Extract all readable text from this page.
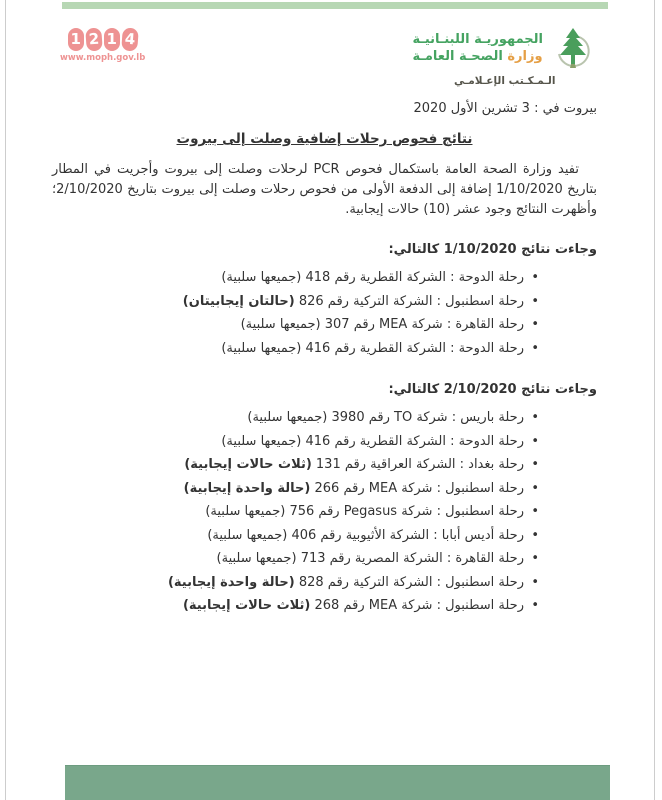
الجمهوريـة اللبنـانيـة
وزارة الصحـة العامـة
الـمـكـتب الإعـلامـي
1 2 1 4
www.moph.gov.lb
بيروت في : 3 تشرين الأول 2020
نتائج فحوص رحلات إضافية وصلت إلى بيروت

تفيد وزارة الصحة العامة باستكمال فحوص PCR لرحلات وصلت إلى بيروت وأجريت في المطار بتاريخ 1/10/2020 إضافة إلى الدفعة الأولى من فحوص رحلات وصلت إلى بيروت بتاريخ 2/10/2020؛ وأظهرت النتائج وجود عشر (10) حالات إيجابية.

وجاءت نتائج 1/10/2020 كالتالي:
• رحلة الدوحة : الشركة القطرية رقم 418 (جميعها سلبية)
• رحلة اسطنبول : الشركة التركية رقم 826 (حالتان إيجابيتان)
• رحلة القاهرة : شركة MEA رقم 307 (جميعها سلبية)
• رحلة الدوحة : الشركة القطرية رقم 416 (جميعها سلبية)
وجاءت نتائج 2/10/2020 كالتالي:
• رحلة باريس : شركة TO رقم 3980 (جميعها سلبية)
• رحلة الدوحة : الشركة القطرية رقم 416 (جميعها سلبية)
• رحلة بغداد : الشركة العراقية رقم 131 (ثلاث حالات إيجابية)
• رحلة اسطنبول : شركة MEA رقم 266 (حالة واحدة إيجابية)
• رحلة اسطنبول : شركة Pegasus رقم 756 (جميعها سلبية)
• رحلة أديس أبابا : الشركة الأثيوبية رقم 406 (جميعها سلبية)
• رحلة القاهرة : الشركة المصرية رقم 713 (جميعها سلبية)
• رحلة اسطنبول : الشركة التركية رقم 828 (حالة واحدة إيجابية)
• رحلة اسطنبول : شركة MEA رقم 268 (ثلاث حالات إيجابية)
